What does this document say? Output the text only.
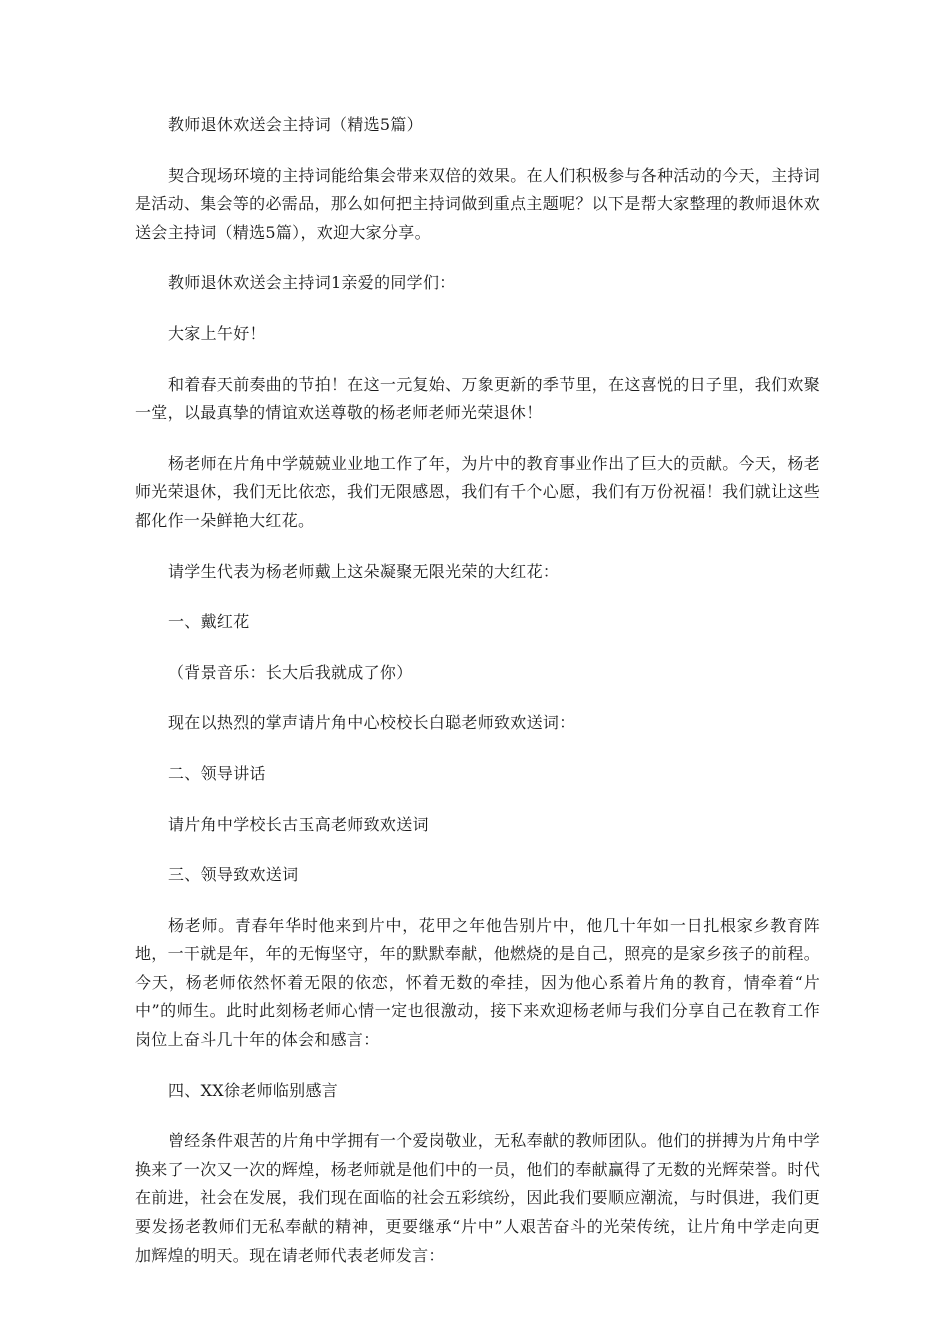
教师退休欢送会主持词（精选5篇）

契合现场环境的主持词能给集会带来双倍的效果。在人们积极参与各种活动的今天，主持词是活动、集会等的必需品，那么如何把主持词做到重点主题呢？以下是帮大家整理的教师退休欢送会主持词（精选5篇），欢迎大家分享。

教师退休欢送会主持词1亲爱的同学们：

大家上午好！

和着春天前奏曲的节拍！在这一元复始、万象更新的季节里，在这喜悦的日子里，我们欢聚一堂，以最真挚的情谊欢送尊敬的杨老师老师光荣退休！

杨老师在片角中学兢兢业业地工作了年，为片中的教育事业作出了巨大的贡献。今天，杨老师光荣退休，我们无比依恋，我们无限感恩，我们有千个心愿，我们有万份祝福！我们就让这些都化作一朵鲜艳大红花。

请学生代表为杨老师戴上这朵凝聚无限光荣的大红花：

一、戴红花

（背景音乐：长大后我就成了你）

现在以热烈的掌声请片角中心校校长白聪老师致欢送词：

二、领导讲话

请片角中学校长古玉高老师致欢送词

三、领导致欢送词

杨老师。青春年华时他来到片中，花甲之年他告别片中，他几十年如一日扎根家乡教育阵地，一干就是年，年的无悔坚守，年的默默奉献，他燃烧的是自己，照亮的是家乡孩子的前程。今天，杨老师依然怀着无限的依恋，怀着无数的牵挂，因为他心系着片角的教育，情牵着“片中”的师生。此时此刻杨老师心情一定也很激动，接下来欢迎杨老师与我们分享自己在教育工作岗位上奋斗几十年的体会和感言：

四、XX徐老师临别感言

曾经条件艰苦的片角中学拥有一个爱岗敬业，无私奉献的教师团队。他们的拼搏为片角中学换来了一次又一次的辉煌，杨老师就是他们中的一员，他们的奉献赢得了无数的光辉荣誉。时代在前进，社会在发展，我们现在面临的社会五彩缤纷，因此我们要顺应潮流，与时俱进，我们更要发扬老教师们无私奉献的精神，更要继承“片中”人艰苦奋斗的光荣传统，让片角中学走向更加辉煌的明天。现在请老师代表老师发言：
